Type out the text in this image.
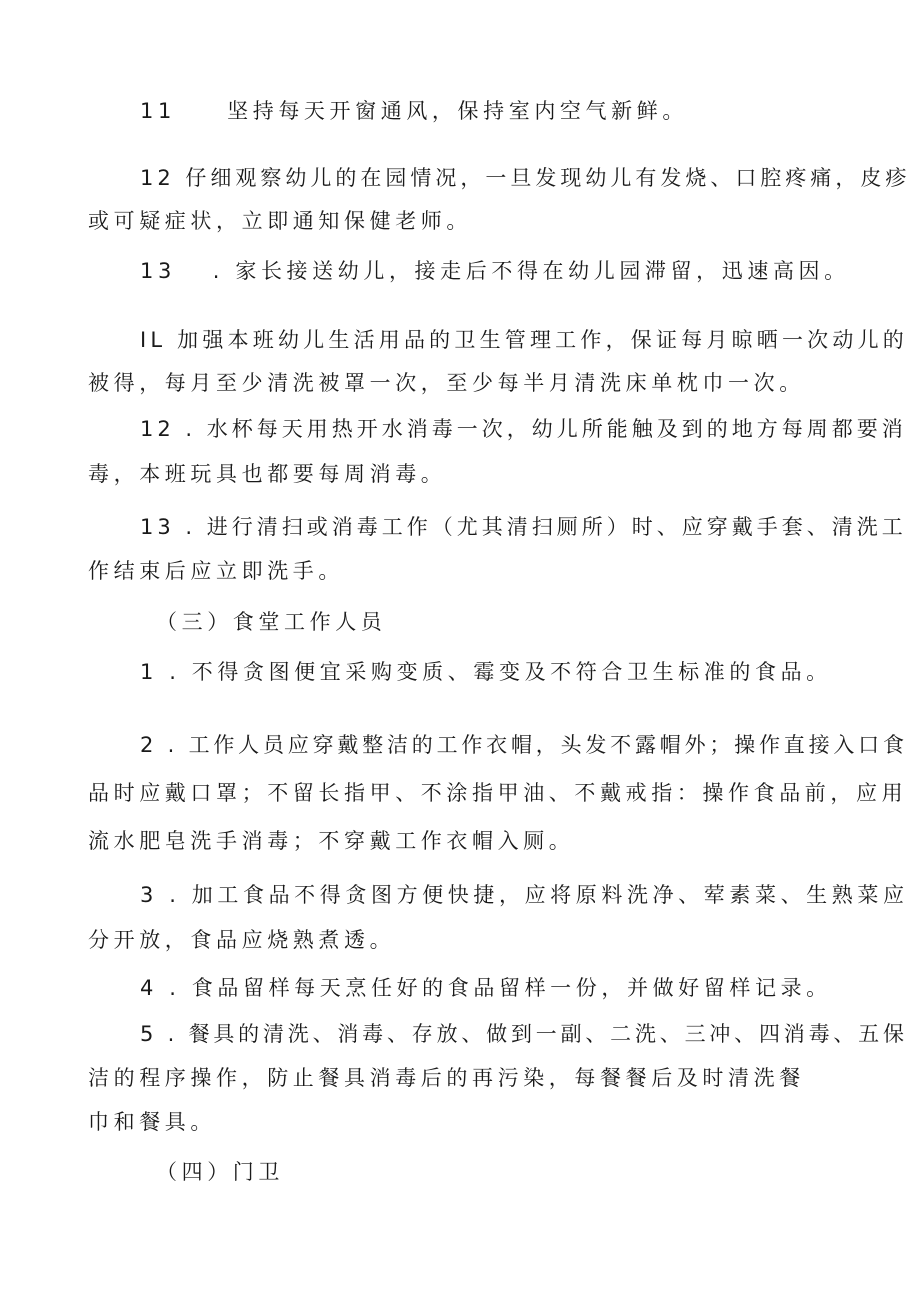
11　　坚持每天开窗通风，保持室内空气新鲜。
12 仔细观察幼儿的在园情况，一旦发现幼儿有发烧、口腔疼痛，皮疹
或可疑症状，立即通知保健老师。
13　 . 家长接送幼儿，接走后不得在幼儿园滞留，迅速高因。
IL 加强本班幼儿生活用品的卫生管理工作，保证每月晾晒一次动儿的
被得，每月至少清洗被罩一次，至少每半月清洗床单枕巾一次。
12 . 水杯每天用热开水消毒一次，幼儿所能触及到的地方每周都要消
毒，本班玩具也都要每周消毒。
13 . 进行清扫或消毒工作（尤其清扫厕所）时、应穿戴手套、清洗工
作结束后应立即洗手。
（三）食堂工作人员
1 . 不得贪图便宜采购变质、霉变及不符合卫生标准的食品。
2 . 工作人员应穿戴整洁的工作衣帽，头发不露帽外；操作直接入口食
品时应戴口罩；不留长指甲、不涂指甲油、不戴戒指：操作食品前，应用
流水肥皂洗手消毒；不穿戴工作衣帽入厕。
3 . 加工食品不得贪图方便快捷，应将原料洗净、荤素菜、生熟菜应
分开放，食品应烧熟煮透。
4 . 食品留样每天烹任好的食品留样一份，并做好留样记录。
5 . 餐具的清洗、消毒、存放、做到一副、二洗、三冲、四消毒、五保
洁的程序操作，防止餐具消毒后的再污染，每餐餐后及时清洗餐
巾和餐具。
（四）门卫
